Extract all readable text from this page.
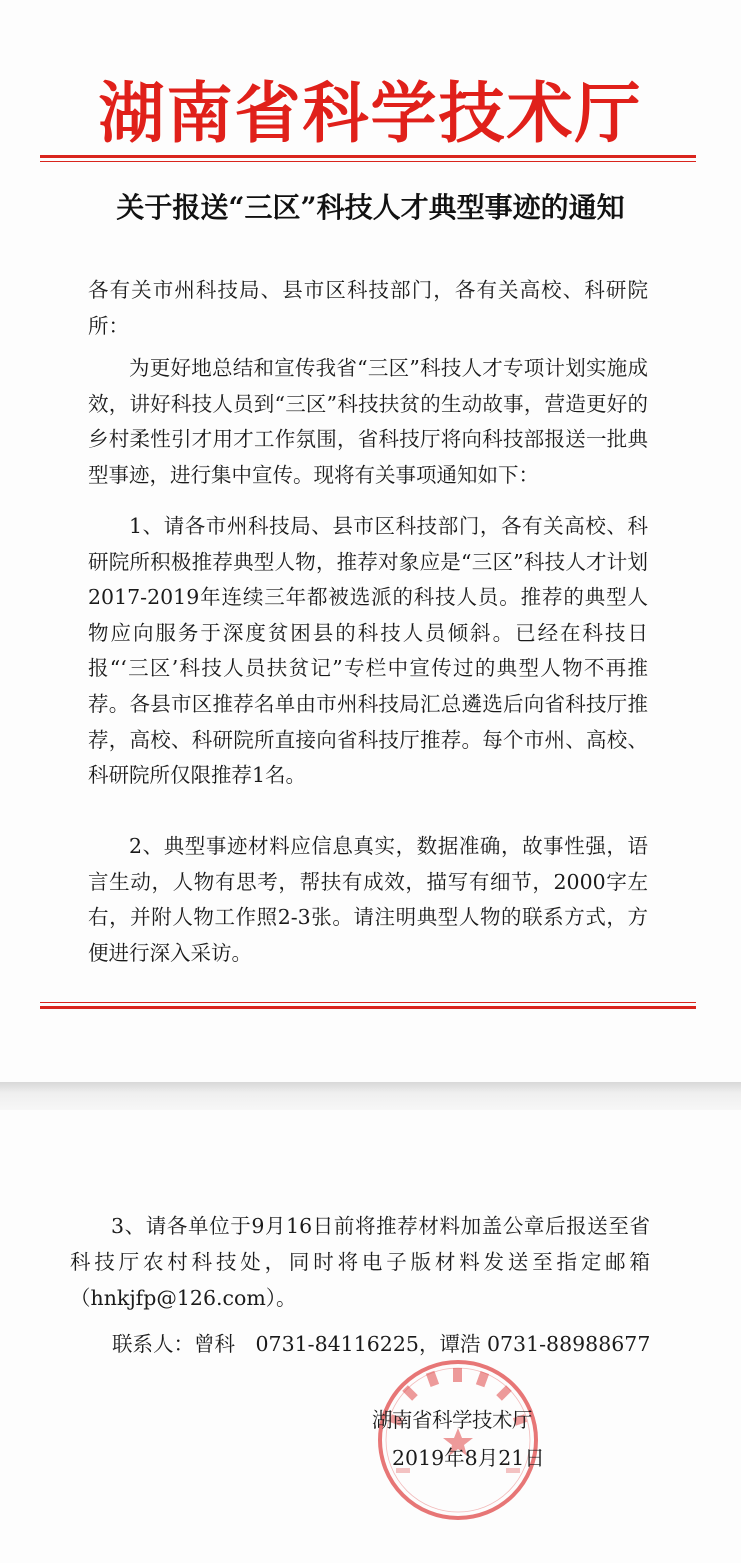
湖南省科学技术厅
关于报送“三区”科技人才典型事迹的通知

各有关市州科技局、县市区科技部门，各有关高校、科研院所：

为更好地总结和宣传我省“三区”科技人才专项计划实施成效，讲好科技人员到“三区”科技扶贫的生动故事，营造更好的乡村柔性引才用才工作氛围，省科技厅将向科技部报送一批典型事迹，进行集中宣传。现将有关事项通知如下：

1、请各市州科技局、县市区科技部门，各有关高校、科研院所积极推荐典型人物，推荐对象应是“三区”科技人才计划2017-2019年连续三年都被选派的科技人员。推荐的典型人物应向服务于深度贫困县的科技人员倾斜。已经在科技日报“‘三区’科技人员扶贫记”专栏中宣传过的典型人物不再推荐。各县市区推荐名单由市州科技局汇总遴选后向省科技厅推荐，高校、科研院所直接向省科技厅推荐。每个市州、高校、科研院所仅限推荐1名。

2、典型事迹材料应信息真实，数据准确，故事性强，语言生动，人物有思考，帮扶有成效，描写有细节，2000字左右，并附人物工作照2-3张。请注明典型人物的联系方式，方便进行深入采访。

3、请各单位于9月16日前将推荐材料加盖公章后报送至省科技厅农村科技处，同时将电子版材料发送至指定邮箱（hnkjfp@126.com）。

联系人：曾科　0731-84116225，谭浩 0731-88988677
湖南省科学技术厅
2019年8月21日
